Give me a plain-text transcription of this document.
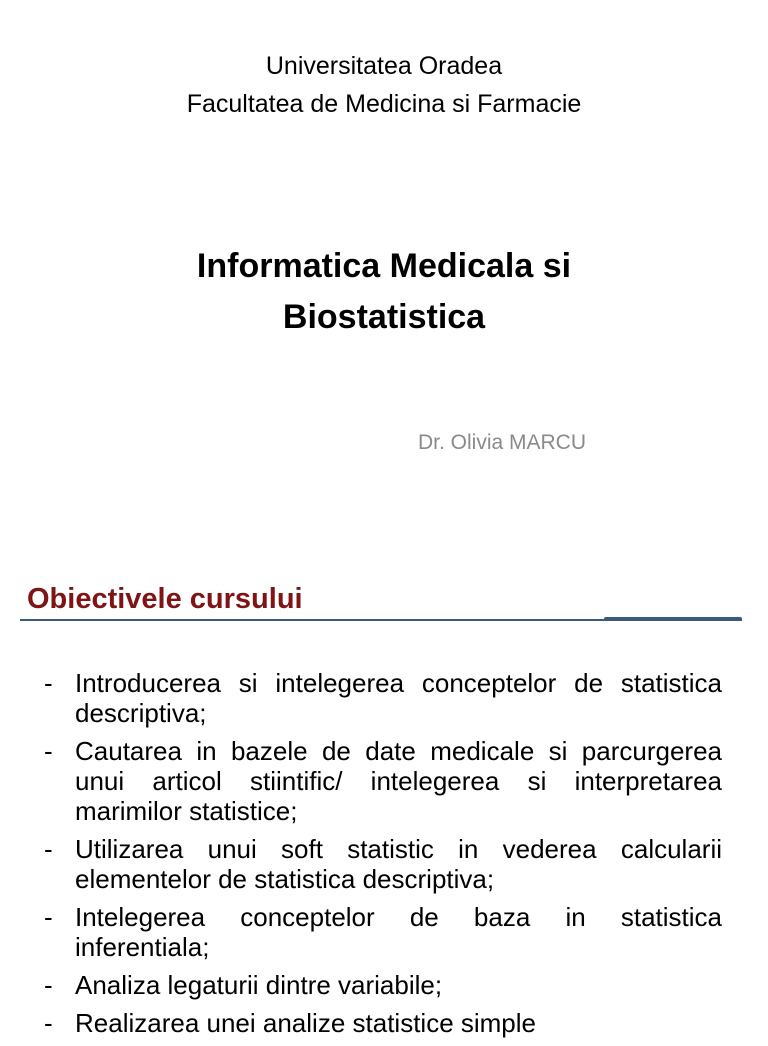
Universitatea Oradea
Facultatea de Medicina si Farmacie
Informatica Medicala si
Biostatistica
Dr. Olivia MARCU
Obiectivele cursului
- Introducerea si intelegerea conceptelor de statistica descriptiva;
- Cautarea in bazele de date medicale si parcurgerea unui articol stiintific/ intelegerea si interpretarea marimilor statistice;
- Utilizarea unui soft statistic in vederea calcularii elementelor de statistica descriptiva;
- Intelegerea conceptelor de baza in statistica inferentiala;
- Analiza legaturii dintre variabile;
- Realizarea unei analize statistice simple
